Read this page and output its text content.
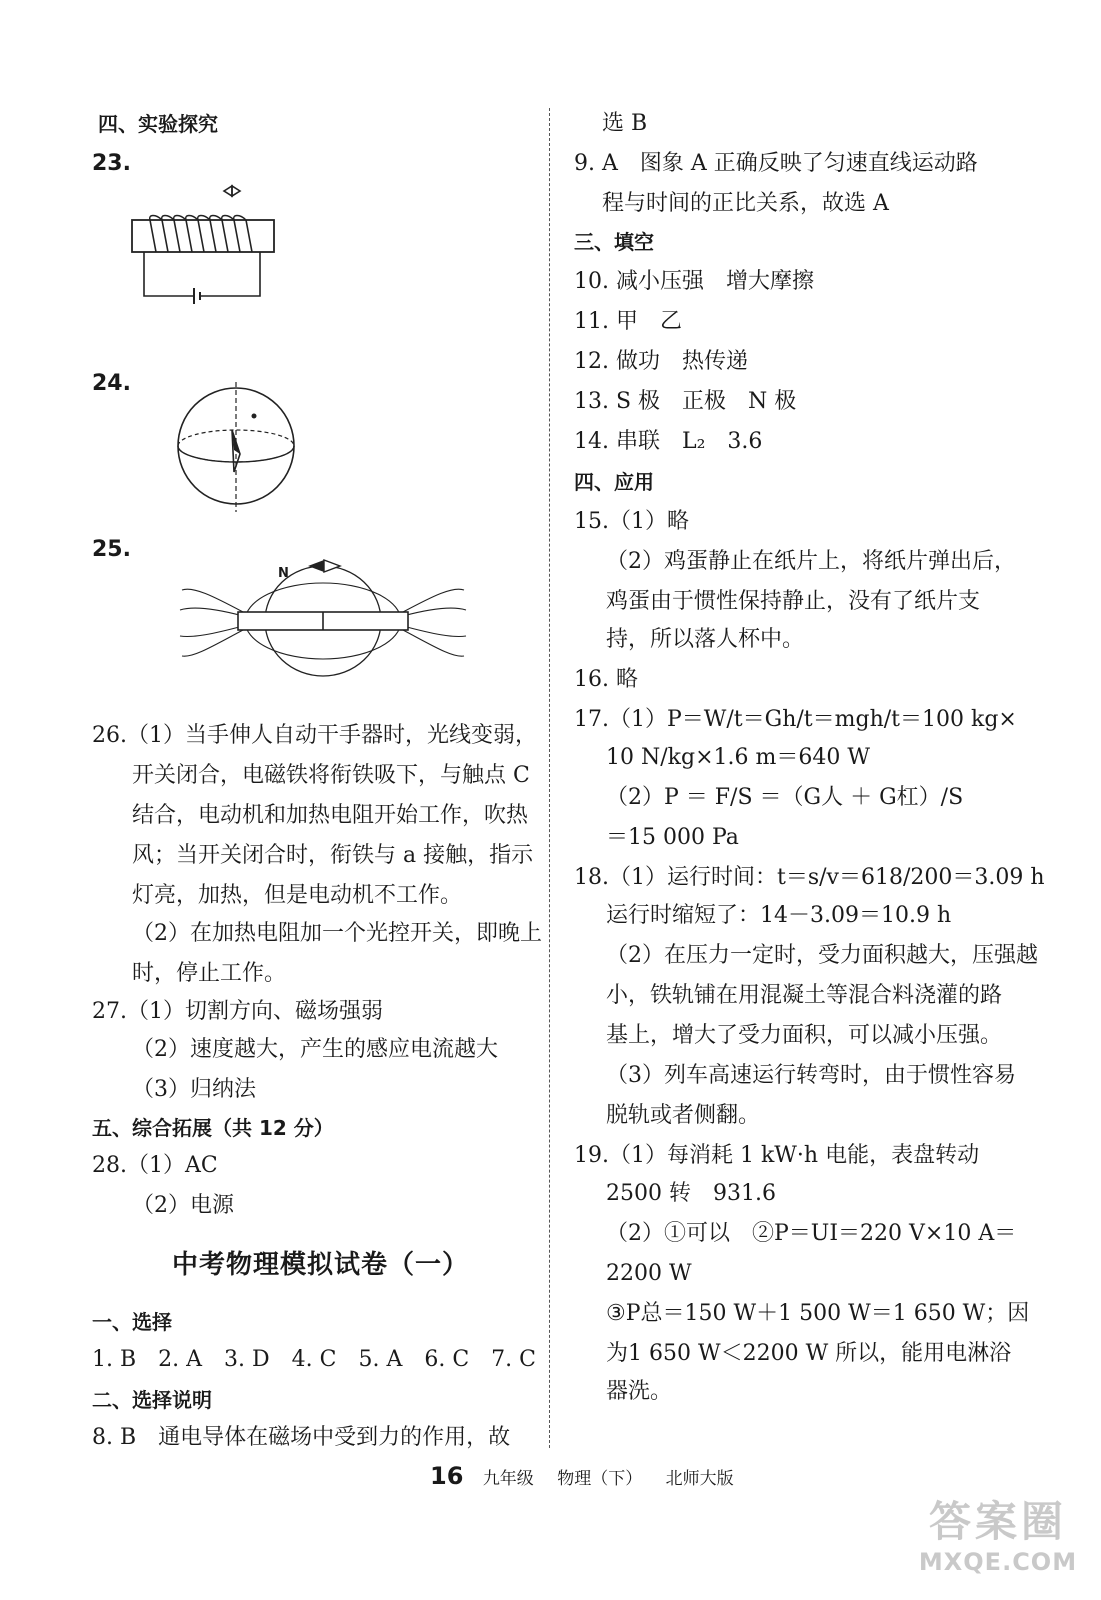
四、实验探究
23.
24.
25.
N
26.（1）当手伸人自动干手器时，光线变弱，
开关闭合，电磁铁将衔铁吸下，与触点 C
结合，电动机和加热电阻开始工作，吹热
风；当开关闭合时，衔铁与 a 接触，指示
灯亮，加热，但是电动机不工作。
（2）在加热电阻加一个光控开关，即晚上
时，停止工作。
27.（1）切割方向、磁场强弱
（2）速度越大，产生的感应电流越大
（3）归纳法
五、综合拓展（共 12 分）
28.（1）AC
（2）电源
中考物理模拟试卷（一）
一、选择
1. B　2. A　3. D　4. C　5. A　6. C　7. C
二、选择说明
8. B　通电导体在磁场中受到力的作用，故
选 B
9. A　图象 A 正确反映了匀速直线运动路
程与时间的正比关系，故选 A
三、填空
10. 减小压强　增大摩擦
11. 甲　乙
12. 做功　热传递
13. S 极　正极　N 极
14. 串联　L₂　3.6
四、应用
15.（1）略
（2）鸡蛋静止在纸片上，将纸片弹出后，
鸡蛋由于惯性保持静止，没有了纸片支
持，所以落人杯中。
16. 略
17.（1）P＝W/t＝Gh/t＝mgh/t＝100 kg×
10 N/kg×1.6 m＝640 W
（2）P ＝ F/S ＝（G人 ＋ G杠）/S
＝15 000 Pa
18.（1）运行时间：t＝s/v＝618/200＝3.09 h
运行时缩短了：14－3.09＝10.9 h
（2）在压力一定时，受力面积越大，压强越
小，铁轨铺在用混凝土等混合料浇灌的路
基上，增大了受力面积，可以减小压强。
（3）列车高速运行转弯时，由于惯性容易
脱轨或者侧翻。
19.（1）每消耗 1 kW·h 电能，表盘转动
2500 转　931.6
（2）①可以　②P＝UI＝220 V×10 A＝
2200 W
③P总＝150 W＋1 500 W＝1 650 W；因
为1 650 W＜2200 W 所以，能用电淋浴
器洗。
16 九年级 物理（下） 北师大版
答案圈
MXQE.COM
